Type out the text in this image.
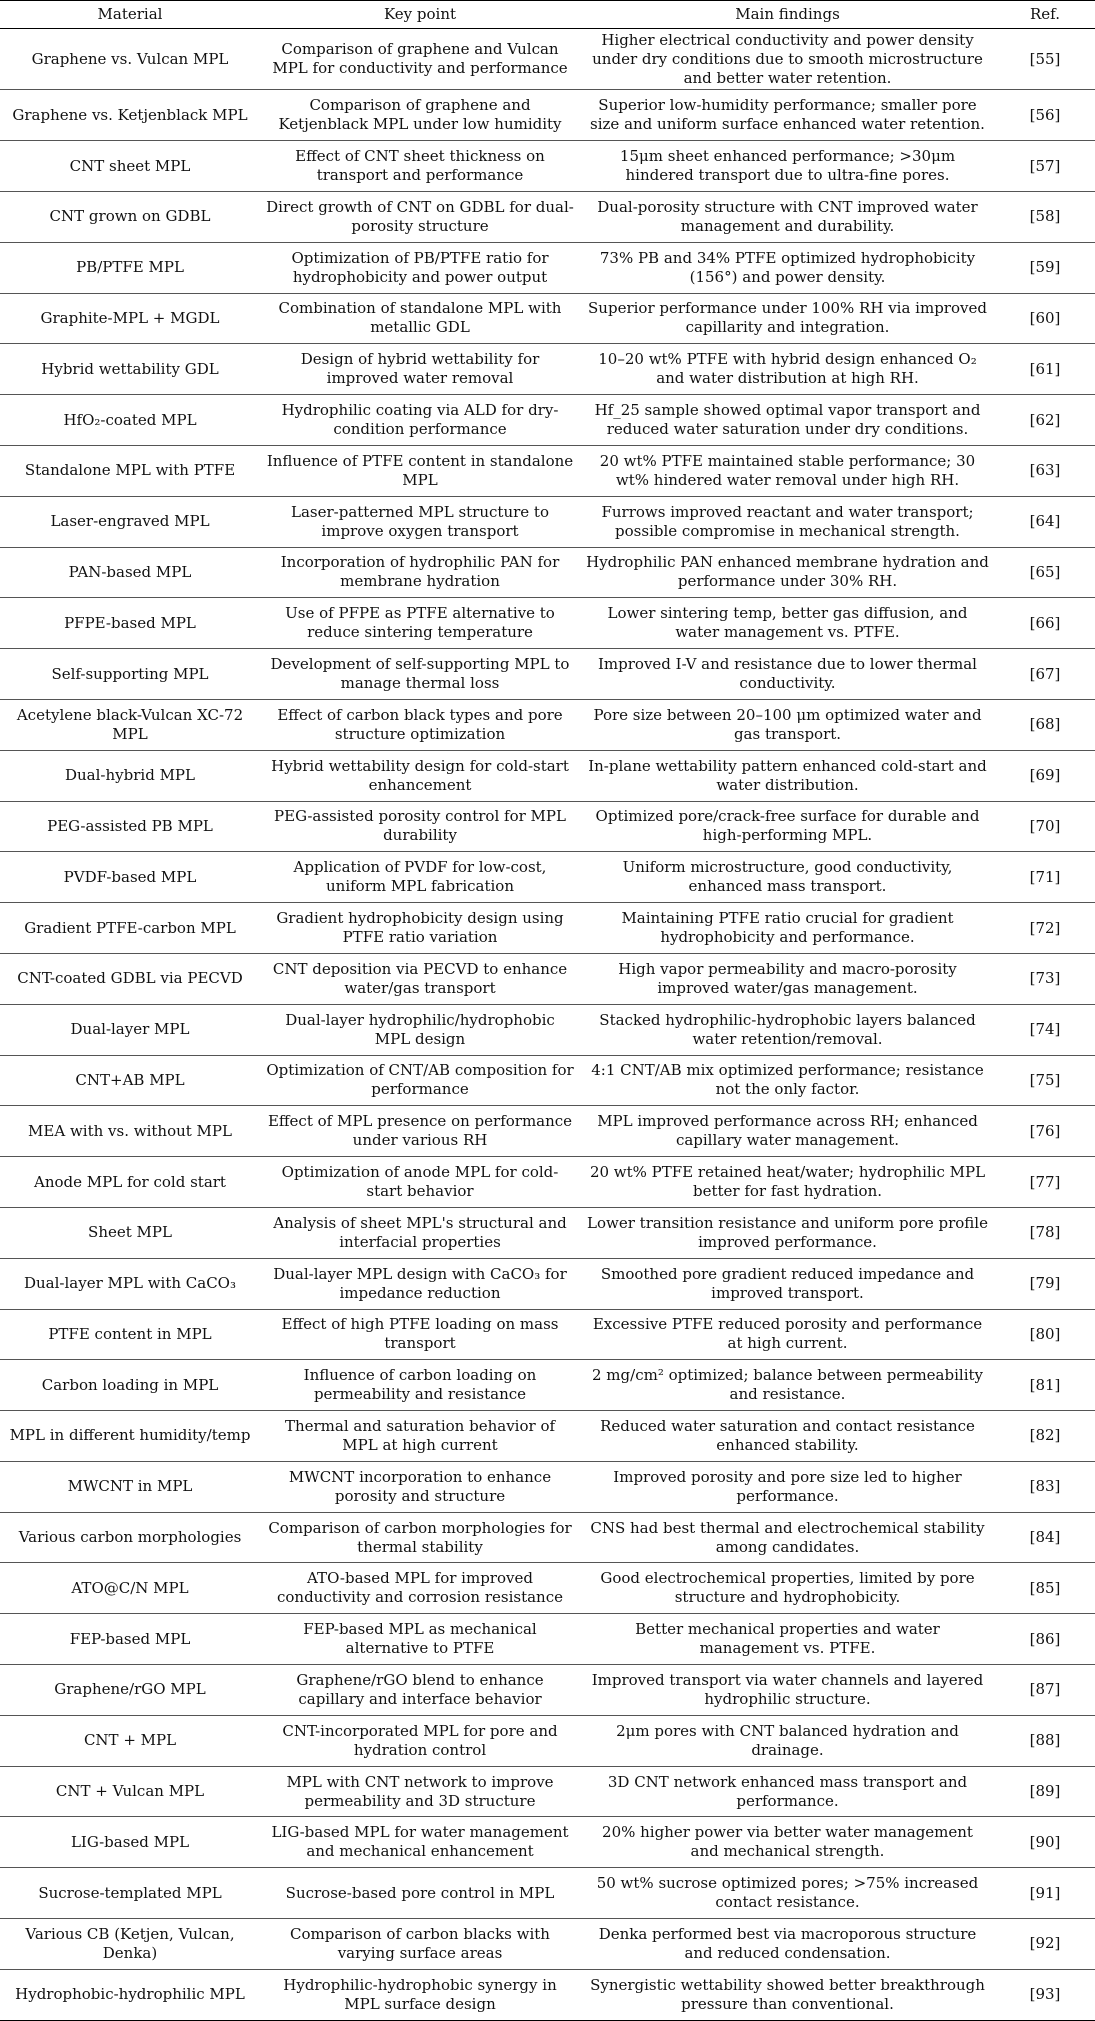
Material	Key point	Main findings	Ref.
Graphene vs. Vulcan MPL	Comparison of graphene and Vulcan MPL for conductivity and performance	Higher electrical conductivity and power density under dry conditions due to smooth microstructure and better water retention.	[55]
Graphene vs. Ketjenblack MPL	Comparison of graphene and Ketjenblack MPL under low humidity	Superior low-humidity performance; smaller pore size and uniform surface enhanced water retention.	[56]
CNT sheet MPL	Effect of CNT sheet thickness on transport and performance	15μm sheet enhanced performance; >30μm hindered transport due to ultra-fine pores.	[57]
CNT grown on GDBL	Direct growth of CNT on GDBL for dual-porosity structure	Dual-porosity structure with CNT improved water management and durability.	[58]
PB/PTFE MPL	Optimization of PB/PTFE ratio for hydrophobicity and power output	73% PB and 34% PTFE optimized hydrophobicity (156°) and power density.	[59]
Graphite-MPL + MGDL	Combination of standalone MPL with metallic GDL	Superior performance under 100% RH via improved capillarity and integration.	[60]
Hybrid wettability GDL	Design of hybrid wettability for improved water removal	10–20 wt% PTFE with hybrid design enhanced O₂ and water distribution at high RH.	[61]
HfO₂-coated MPL	Hydrophilic coating via ALD for dry-condition performance	Hf_25 sample showed optimal vapor transport and reduced water saturation under dry conditions.	[62]
Standalone MPL with PTFE	Influence of PTFE content in standalone MPL	20 wt% PTFE maintained stable performance; 30 wt% hindered water removal under high RH.	[63]
Laser-engraved MPL	Laser-patterned MPL structure to improve oxygen transport	Furrows improved reactant and water transport; possible compromise in mechanical strength.	[64]
PAN-based MPL	Incorporation of hydrophilic PAN for membrane hydration	Hydrophilic PAN enhanced membrane hydration and performance under 30% RH.	[65]
PFPE-based MPL	Use of PFPE as PTFE alternative to reduce sintering temperature	Lower sintering temp, better gas diffusion, and water management vs. PTFE.	[66]
Self-supporting MPL	Development of self-supporting MPL to manage thermal loss	Improved I-V and resistance due to lower thermal conductivity.	[67]
Acetylene black-Vulcan XC-72 MPL	Effect of carbon black types and pore structure optimization	Pore size between 20–100 μm optimized water and gas transport.	[68]
Dual-hybrid MPL	Hybrid wettability design for cold-start enhancement	In-plane wettability pattern enhanced cold-start and water distribution.	[69]
PEG-assisted PB MPL	PEG-assisted porosity control for MPL durability	Optimized pore/crack-free surface for durable and high-performing MPL.	[70]
PVDF-based MPL	Application of PVDF for low-cost, uniform MPL fabrication	Uniform microstructure, good conductivity, enhanced mass transport.	[71]
Gradient PTFE-carbon MPL	Gradient hydrophobicity design using PTFE ratio variation	Maintaining PTFE ratio crucial for gradient hydrophobicity and performance.	[72]
CNT-coated GDBL via PECVD	CNT deposition via PECVD to enhance water/gas transport	High vapor permeability and macro-porosity improved water/gas management.	[73]
Dual-layer MPL	Dual-layer hydrophilic/hydrophobic MPL design	Stacked hydrophilic-hydrophobic layers balanced water retention/removal.	[74]
CNT+AB MPL	Optimization of CNT/AB composition for performance	4:1 CNT/AB mix optimized performance; resistance not the only factor.	[75]
MEA with vs. without MPL	Effect of MPL presence on performance under various RH	MPL improved performance across RH; enhanced capillary water management.	[76]
Anode MPL for cold start	Optimization of anode MPL for cold-start behavior	20 wt% PTFE retained heat/water; hydrophilic MPL better for fast hydration.	[77]
Sheet MPL	Analysis of sheet MPL's structural and interfacial properties	Lower transition resistance and uniform pore profile improved performance.	[78]
Dual-layer MPL with CaCO₃	Dual-layer MPL design with CaCO₃ for impedance reduction	Smoothed pore gradient reduced impedance and improved transport.	[79]
PTFE content in MPL	Effect of high PTFE loading on mass transport	Excessive PTFE reduced porosity and performance at high current.	[80]
Carbon loading in MPL	Influence of carbon loading on permeability and resistance	2 mg/cm² optimized; balance between permeability and resistance.	[81]
MPL in different humidity/temp	Thermal and saturation behavior of MPL at high current	Reduced water saturation and contact resistance enhanced stability.	[82]
MWCNT in MPL	MWCNT incorporation to enhance porosity and structure	Improved porosity and pore size led to higher performance.	[83]
Various carbon morphologies	Comparison of carbon morphologies for thermal stability	CNS had best thermal and electrochemical stability among candidates.	[84]
ATO@C/N MPL	ATO-based MPL for improved conductivity and corrosion resistance	Good electrochemical properties, limited by pore structure and hydrophobicity.	[85]
FEP-based MPL	FEP-based MPL as mechanical alternative to PTFE	Better mechanical properties and water management vs. PTFE.	[86]
Graphene/rGO MPL	Graphene/rGO blend to enhance capillary and interface behavior	Improved transport via water channels and layered hydrophilic structure.	[87]
CNT + MPL	CNT-incorporated MPL for pore and hydration control	2μm pores with CNT balanced hydration and drainage.	[88]
CNT + Vulcan MPL	MPL with CNT network to improve permeability and 3D structure	3D CNT network enhanced mass transport and performance.	[89]
LIG-based MPL	LIG-based MPL for water management and mechanical enhancement	20% higher power via better water management and mechanical strength.	[90]
Sucrose-templated MPL	Sucrose-based pore control in MPL	50 wt% sucrose optimized pores; >75% increased contact resistance.	[91]
Various CB (Ketjen, Vulcan, Denka)	Comparison of carbon blacks with varying surface areas	Denka performed best via macroporous structure and reduced condensation.	[92]
Hydrophobic-hydrophilic MPL	Hydrophilic-hydrophobic synergy in MPL surface design	Synergistic wettability showed better breakthrough pressure than conventional.	[93]
